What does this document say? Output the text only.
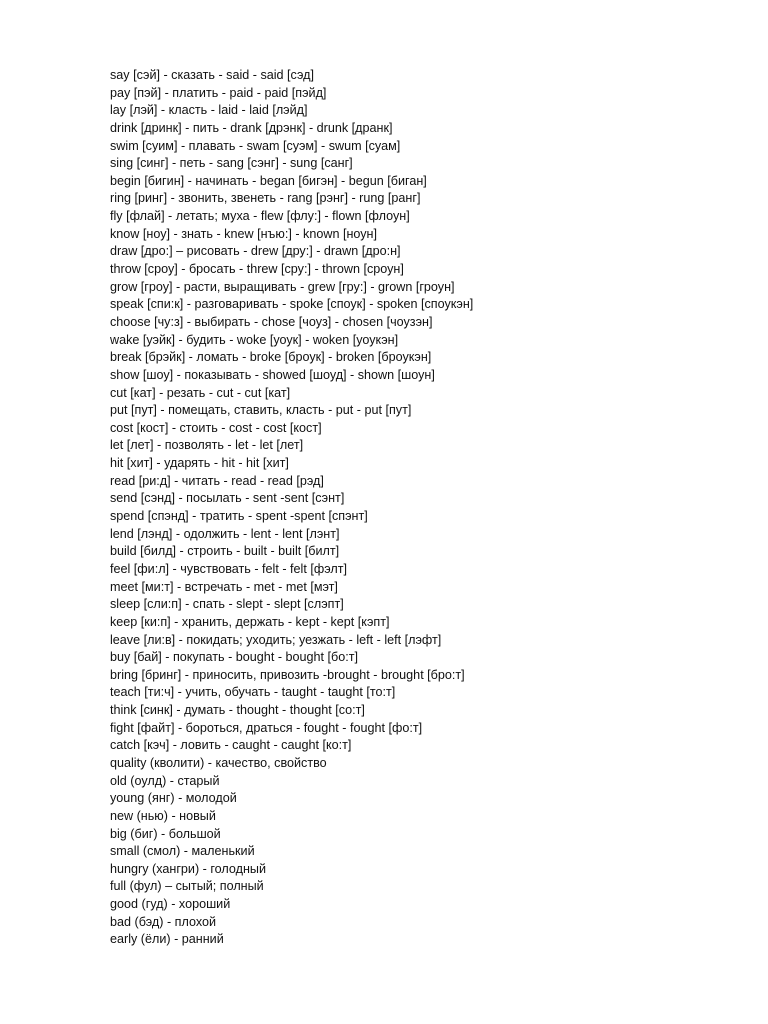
say [сэй] - сказать - said - said [сэд]
pay [пэй] - платить - paid - paid [пэйд]
lay [лэй] - класть - laid - laid [лэйд]
drink [дринк] - пить - drank [дрэнк] - drunk [дранк]
swim [суим] - плавать - swam [суэм] - swum [суам]
sing [синг] - петь - sang [сэнг] - sung [санг]
begin [бигин] - начинать - began [бигэн] - begun [биган]
ring [ринг] - звонить, звенеть - rang [рэнг] - rung [ранг]
fly [флай] - летать; муха - flew [флу:] - flown [флоун]
know [ноу] - знать - knew [нъю:] - known [ноун]
draw [дро:] – рисовать - drew [дру:] - drawn [дро:н]
throw [сроу] - бросать - threw [сру:] - thrown [сроун]
grow [гроу] - расти, выращивать - grew [гру:] - grown [гроун]
speak [спи:к] - разговаривать - spoke [споук] - spoken [споукэн]
choose [чу:з] - выбирать - chose [чоуз] - chosen [чоузэн]
wake [уэйк] - будить - woke [уоук] - woken [уоукэн]
break [брэйк] - ломать - broke [броук] - broken [броукэн]
show [шоу] - показывать - showed [шоуд] - shown [шоун]
cut [кат] - резать - cut - cut [кат]
put [пут] - помещать, ставить, класть - put - put [пут]
cost [кост] - стоить - cost - cost [кост]
let [лет] - позволять - let - let [лет]
hit [хит] - ударять - hit - hit [хит]
read [ри:д] - читать - read - read [рэд]
send [сэнд] - посылать - sent -sent [сэнт]
spend [спэнд] - тратить - spent -spent [спэнт]
lend [лэнд] - одолжить - lent - lent [лэнт]
build [билд] - строить - built - built [билт]
feel [фи:л] - чувствовать - felt - felt [фэлт]
meet [ми:т] - встречать - met - met [мэт]
sleep [сли:п] - спать - slept - slept [слэпт]
keep [ки:п] - хранить, держать - kept - kept [кэпт]
leave [ли:в] - покидать; уходить; уезжать - left - left [лэфт]
buy [бай] - покупать - bought - bought [бо:т]
bring [бринг] - приносить, привозить -brought - brought [бро:т]
teach [ти:ч] - учить, обучать - taught - taught [то:т]
think [синк] - думать - thought - thought [со:т]
fight [файт] - бороться, драться - fought - fought [фо:т]
catch [кэч] - ловить - caught - caught [ко:т]
quality (кволити) - качество, свойство
old (оулд) - старый
young (янг) - молодой
new (нью) - новый
big (биг) - большой
small (смол) - маленький
hungry (хангри) - голодный
full (фул) – сытый; полный
good (гуд) - хороший
bad (бэд) - плохой
early (ёли) - ранний
